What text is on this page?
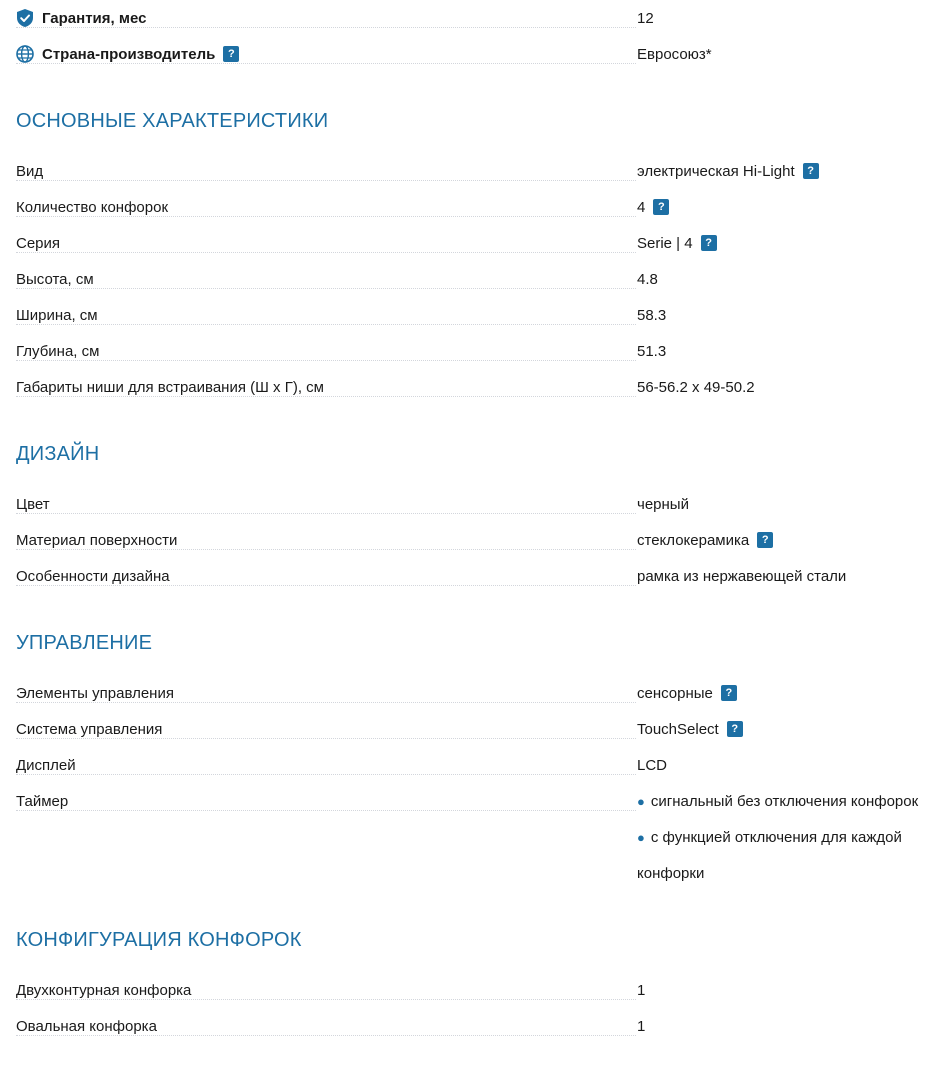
Гарантия, мес	12
Страна-производитель	?	Евросоюз*
ОСНОВНЫЕ ХАРАКТЕРИСТИКИ
Вид	электрическая Hi-Light	?
Количество конфорок	4	?
Серия	Serie | 4	?
Высота, см	4.8
Ширина, см	58.3
Глубина, см	51.3
Габариты ниши для встраивания (Ш х Г), см	56-56.2 x 49-50.2
ДИЗАЙН
Цвет	черный
Материал поверхности	стеклокерамика	?
Особенности дизайна	рамка из нержавеющей стали
УПРАВЛЕНИЕ
Элементы управления	сенсорные	?
Система управления	TouchSelect	?
Дисплей	LCD
Таймер	● сигнальный без отключения конфорок
● с функцией отключения для каждой
конфорки
КОНФИГУРАЦИЯ КОНФОРОК
Двухконтурная конфорка	1
Овальная конфорка	1
